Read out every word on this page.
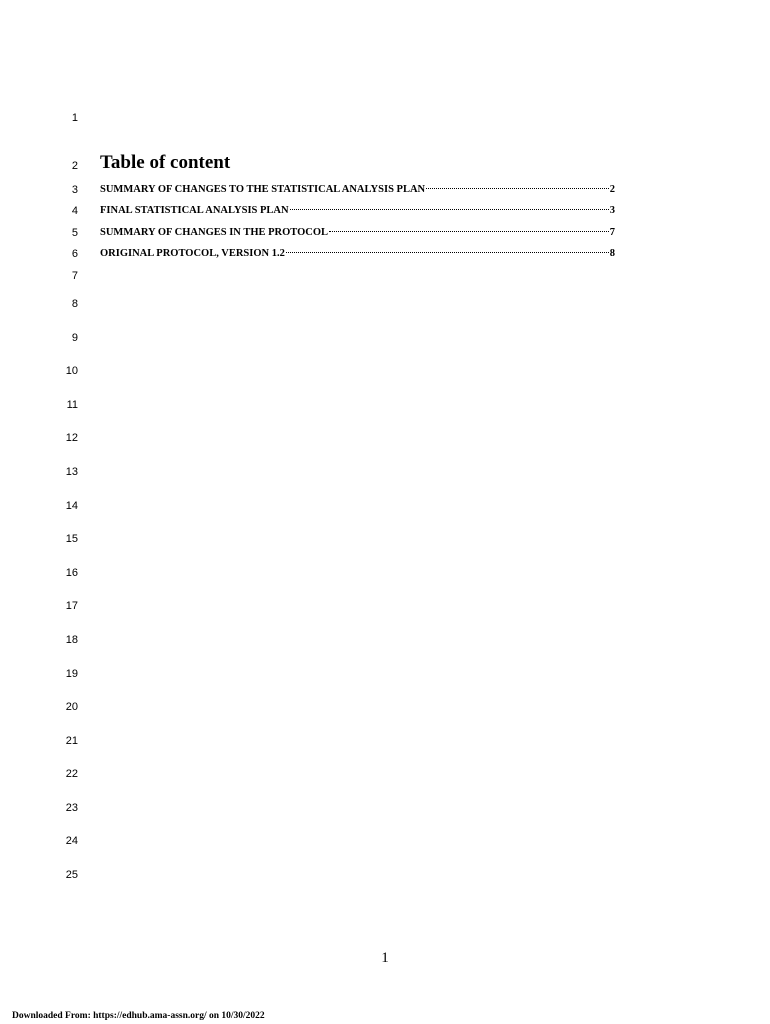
1
2
3
4
5
6
7
8
9
10
11
12
13
14
15
16
17
18
19
20
21
22
23
24
25
Table of content
SUMMARY OF CHANGES TO THE STATISTICAL ANALYSIS PLAN	2
FINAL STATISTICAL ANALYSIS PLAN	3
SUMMARY OF CHANGES IN THE PROTOCOL	7
ORIGINAL PROTOCOL, VERSION 1.2	8
1
Downloaded From: https://edhub.ama-assn.org/ on 10/30/2022
